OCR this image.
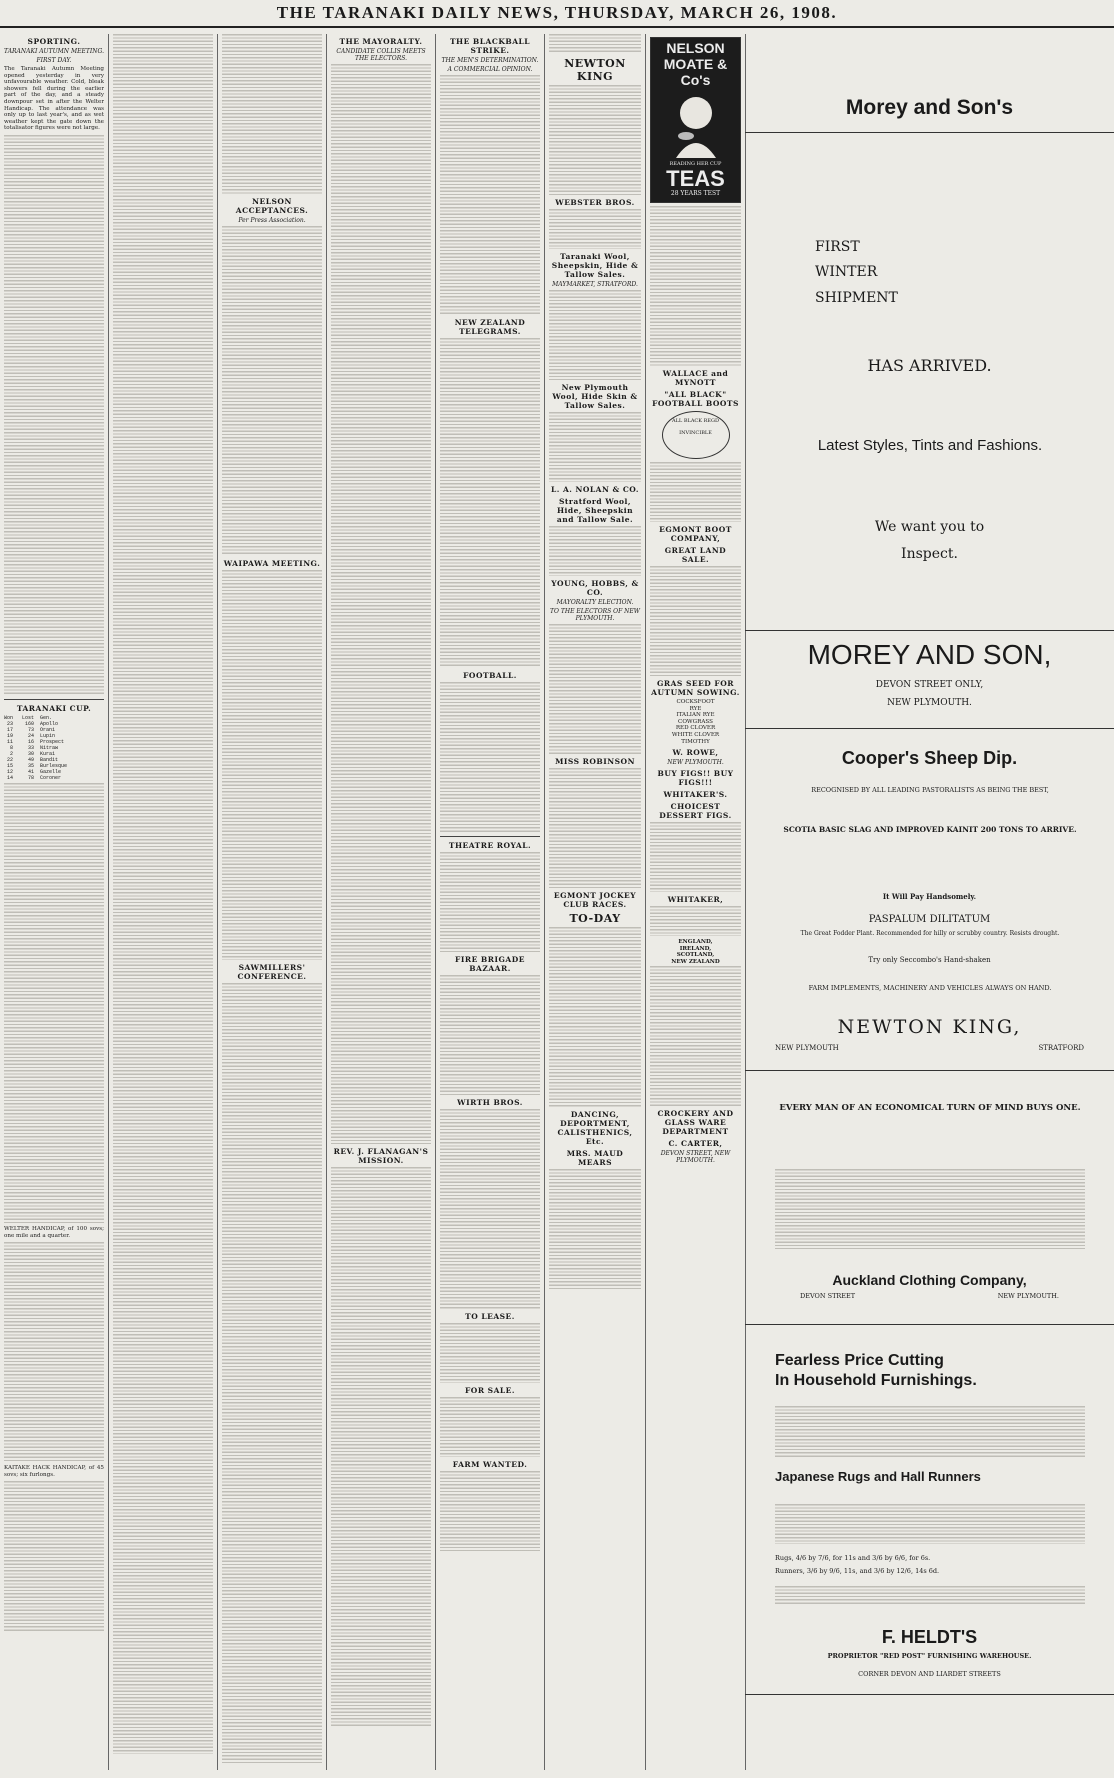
THE TARANAKI DAILY NEWS, THURSDAY, MARCH 26, 1908.
SPORTING.
TARANAKI AUTUMN MEETING.
FIRST DAY.

The Taranaki Autumn Meeting opened yesterday in very unfavourable weather. Cold, bleak showers fell during the earlier part of the day, and a steady downpour set in after the Welter Handicap. The attendance was only up to last year's, and as wet weather kept the gate down the totalisator figures were not large.

TARANAKI CUP.
Won   Lost  Gen.
23    160  Apollo
17     73  Orani
19     24  Lupin
11     16  Prospect
8     33  Nitraw
2     30  Kurai
22     49  Bandit
15     35  Burlesque
12     41  Gazelle
14     78  Coroner

WELTER HANDICAP, of 100 sovs; one mile and a quarter.

KAITAKE HACK HANDICAP, of 45 sovs; six furlongs.

NELSON ACCEPTANCES.
Per Press Association.
WAIPAWA MEETING.
SAWMILLERS' CONFERENCE.
THE MAYORALTY.
CANDIDATE COLLIS MEETS THE ELECTORS.
REV. J. FLANAGAN'S MISSION.
THE BLACKBALL STRIKE.
THE MEN'S DETERMINATION.
A COMMERCIAL OPINION.
NEW ZEALAND TELEGRAMS.
FOOTBALL.
THEATRE ROYAL.
FIRE BRIGADE BAZAAR.
WIRTH BROS.
TO LEASE.
FOR SALE.
FARM WANTED.
NEWTON KING
WEBSTER BROS.
Taranaki Wool, Sheepskin, Hide & Tallow Sales.
MAYMARKET, STRATFORD.
New Plymouth Wool, Hide Skin & Tallow Sales.
L. A. NOLAN & CO.
Stratford Wool, Hide, Sheepskin and Tallow Sale.
YOUNG, HOBBS, & CO.
MAYORALTY ELECTION.
TO THE ELECTORS OF NEW PLYMOUTH.
MISS ROBINSON
EGMONT JOCKEY CLUB RACES.
TO-DAY
DANCING, DEPORTMENT, CALISTHENICS, Etc.
MRS. MAUD MEARS
NELSON MOATE & Co's
READING HER CUP
TEAS
28 YEARS TEST
WALLACE and MYNOTT
"ALL BLACK" FOOTBALL BOOTS
ALL BLACK REGD INVINCIBLE
EGMONT BOOT COMPANY,
GREAT LAND SALE.
GRAS SEED FOR AUTUMN SOWING.
COCKSFOOT
RYE
ITALIAN RYE
COWGRASS
RED CLOVER
WHITE CLOVER
TIMOTHY
W. ROWE,
NEW PLYMOUTH.
BUY FIGS!! BUY FIGS!!!
WHITAKER'S.
CHOICEST DESSERT FIGS.
WHITAKER,
ENGLAND,
IRELAND,
SCOTLAND,
NEW ZEALAND
CROCKERY AND GLASS WARE DEPARTMENT
C. CARTER,
DEVON STREET, NEW PLYMOUTH.
Morey and Son's
FIRST
WINTER
SHIPMENT
HAS ARRIVED.
Latest Styles, Tints and Fashions.
We want you to
Inspect.
MOREY AND SON,
DEVON STREET ONLY,
NEW PLYMOUTH.
Cooper's Sheep Dip.
RECOGNISED BY ALL LEADING PASTORALISTS AS BEING THE BEST,
SCOTIA BASIC SLAG AND IMPROVED KAINIT 200 TONS TO ARRIVE.
It Will Pay Handsomely.
PASPALUM DILITATUM
The Great Fodder Plant. Recommended for hilly or scrubby country. Resists drought.
Try only Seccombo's Hand-shaken
FARM IMPLEMENTS, MACHINERY AND VEHICLES ALWAYS ON HAND.
NEWTON KING,
NEW PLYMOUTH	STRATFORD
EVERY MAN OF AN ECONOMICAL TURN OF MIND BUYS ONE.
Auckland Clothing Company,
DEVON STREET	NEW PLYMOUTH.
Fearless Price Cutting
In Household Furnishings.
Japanese Rugs and Hall Runners
Rugs, 4/6 by 7/6, for 11s and 3/6 by 6/6, for 6s.
Runners, 3/6 by 9/6, 11s, and 3/6 by 12/6, 14s 6d.
F. HELDT'S
PROPRIETOR "RED POST" FURNISHING WAREHOUSE.
CORNER DEVON AND LIARDET STREETS
